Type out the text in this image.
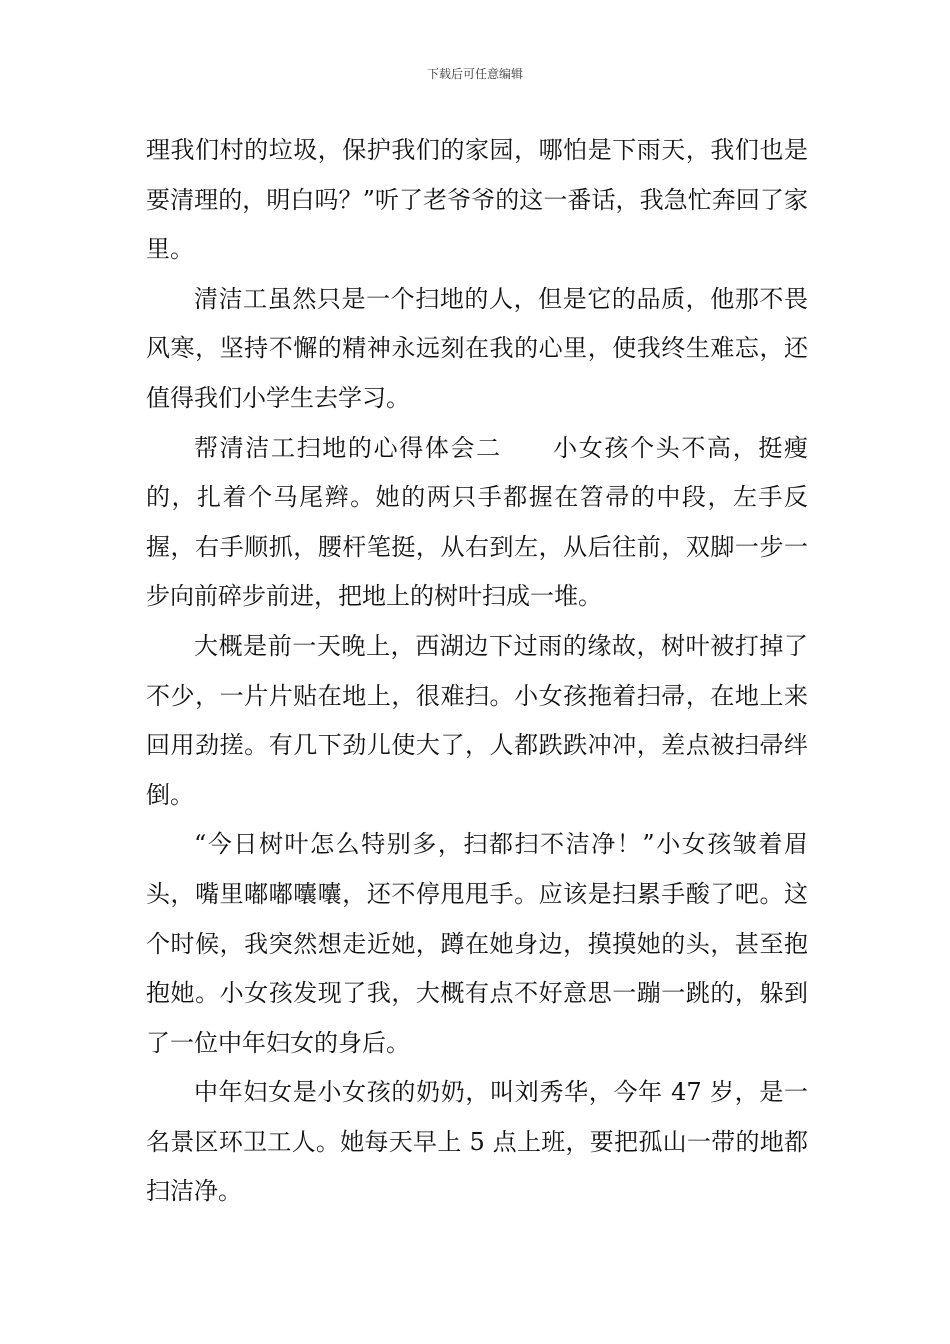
下载后可任意编辑

理我们村的垃圾，保护我们的家园，哪怕是下雨天，我们也是要清理的，明白吗？”听了老爷爷的这一番话，我急忙奔回了家里。

清洁工虽然只是一个扫地的人，但是它的品质，他那不畏风寒，坚持不懈的精神永远刻在我的心里，使我终生难忘，还值得我们小学生去学习。

帮清洁工扫地的心得体会二　　小女孩个头不高，挺瘦的，扎着个马尾辫。她的两只手都握在笤帚的中段，左手反握，右手顺抓，腰杆笔挺，从右到左，从后往前，双脚一步一步向前碎步前进，把地上的树叶扫成一堆。

大概是前一天晚上，西湖边下过雨的缘故，树叶被打掉了不少，一片片贴在地上，很难扫。小女孩拖着扫帚，在地上来回用劲搓。有几下劲儿使大了，人都跌跌冲冲，差点被扫帚绊倒。

“今日树叶怎么特别多，扫都扫不洁净！”小女孩皱着眉头，嘴里嘟嘟囔囔，还不停甩甩手。应该是扫累手酸了吧。这个时候，我突然想走近她，蹲在她身边，摸摸她的头，甚至抱抱她。小女孩发现了我，大概有点不好意思一蹦一跳的，躲到了一位中年妇女的身后。

中年妇女是小女孩的奶奶，叫刘秀华，今年 47 岁，是一名景区环卫工人。她每天早上 5 点上班，要把孤山一带的地都扫洁净。
